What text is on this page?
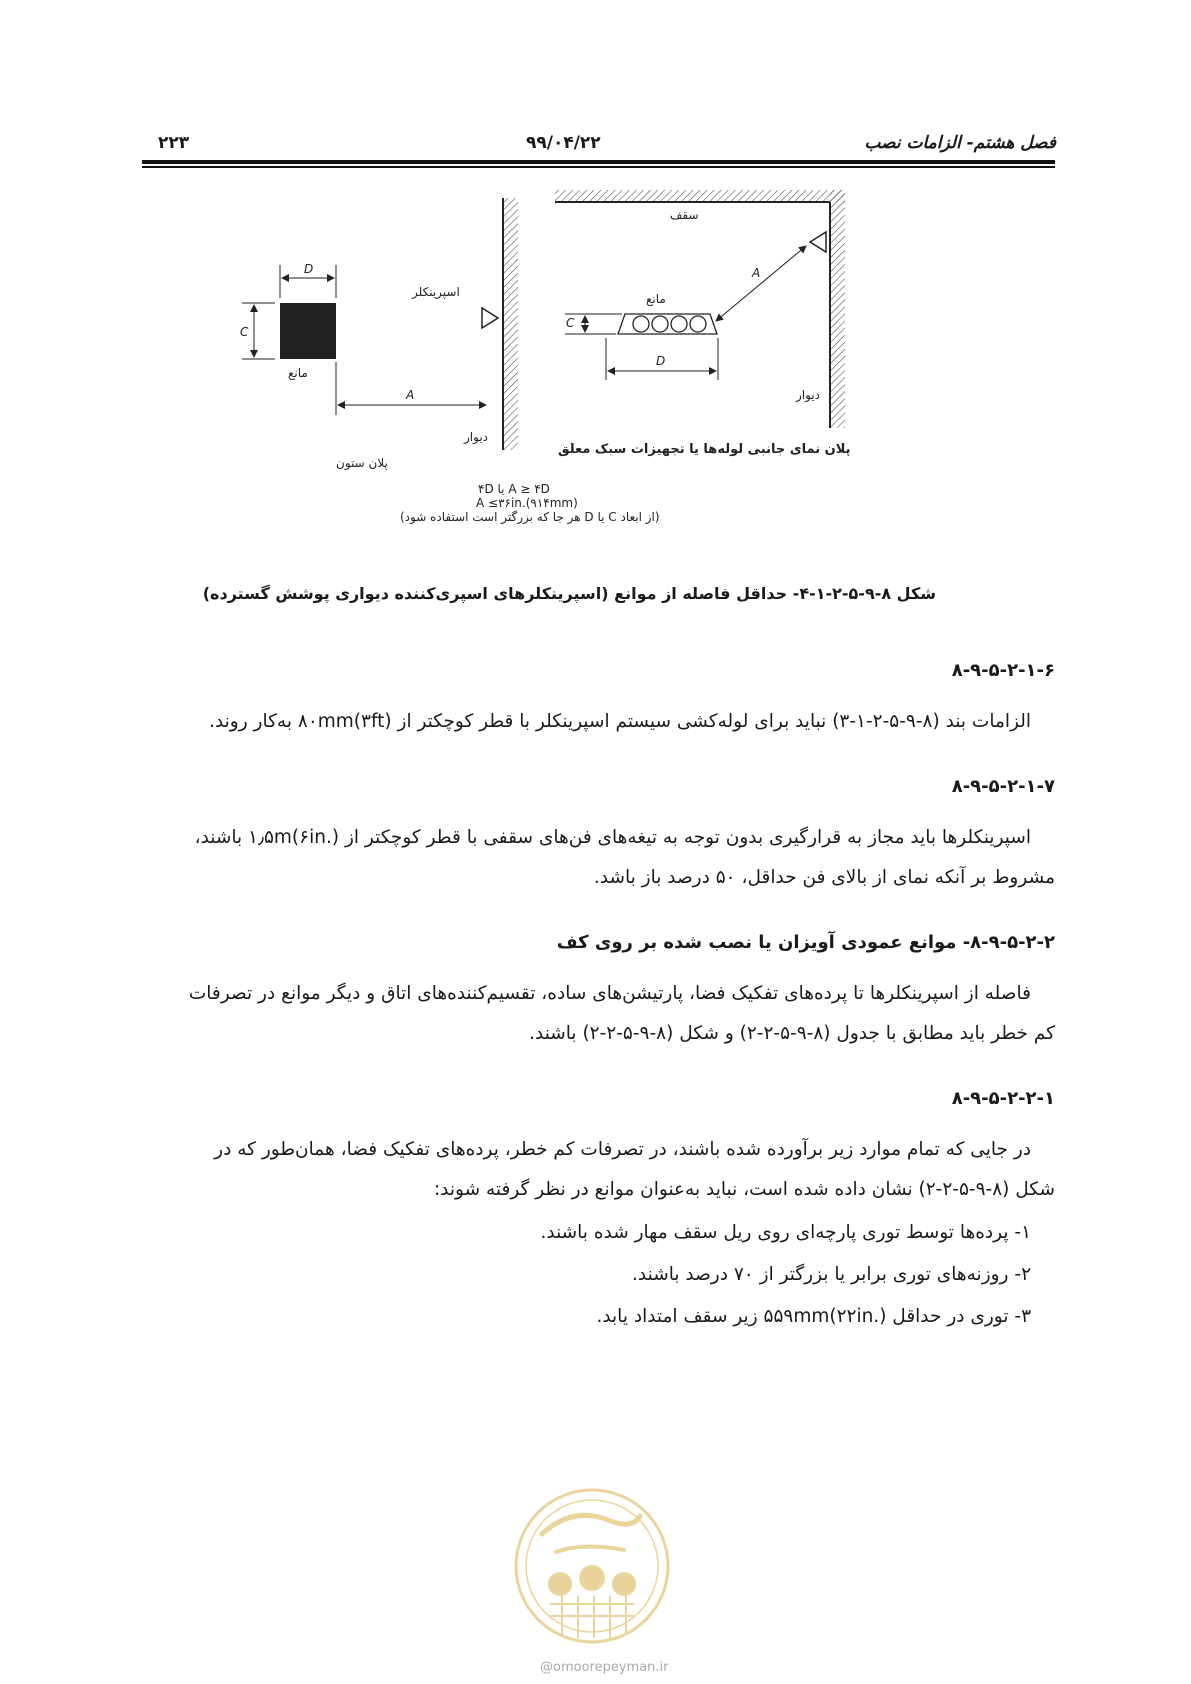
فصل هشتم- الزامات نصب
۹۹/۰۴/۲۲
۲۲۳
D
C
مانع
A
اسپرینکلر
دیوار
پلان ستون
سقف
A
مانع
C
D
دیوار
پلان نمای جانبی لوله‌ها یا تجهیزات سبک معلق
A ≥ ۴D یا ۴D
A ≤۳۶in.(۹۱۴mm)
(از ابعاد C یا D هر جا که بزرگتر است استفاده شود)
شکل ۸-۹-۵-۲-۱-۴- حداقل فاصله از موانع (اسپرینکلرهای اسپری‌کننده دیواری پوشش گسترده)
۸-۹-۵-۲-۱-۶
الزامات بند (۸-۹-۵-۲-۱-۳) نباید برای لوله‌کشی سیستم اسپرینکلر با قطر کوچکتر از ۸۰mm(۳ft) به‌کار روند.
۸-۹-۵-۲-۱-۷
اسپرینکلرها باید مجاز به قرارگیری بدون توجه به تیغه‌های فن‌های سقفی با قطر کوچکتر از ۱٫۵m(۶in.) باشند،
مشروط بر آنکه نمای از بالای فن حداقل، ۵۰ درصد باز باشد.
۸-۹-۵-۲-۲- موانع عمودی آویزان یا نصب شده بر روی کف
فاصله از اسپرینکلرها تا پرده‌های تفکیک فضا، پارتیشن‌های ساده، تقسیم‌کننده‌های اتاق و دیگر موانع در تصرفات
کم خطر باید مطابق با جدول (۸-۹-۵-۲-۲) و شکل (۸-۹-۵-۲-۲) باشند.
۸-۹-۵-۲-۲-۱
در جایی که تمام موارد زیر برآورده شده باشند، در تصرفات کم خطر، پرده‌های تفکیک فضا، همان‌طور که در
شکل (۸-۹-۵-۲-۲) نشان داده شده است، نباید به‌عنوان موانع در نظر گرفته شوند:
۱- پرده‌ها توسط توری پارچه‌ای روی ریل سقف مهار شده باشند.
۲- روزنه‌های توری برابر یا بزرگتر از ۷۰ درصد باشند.
۳- توری در حداقل ۵۵۹mm(۲۲in.) زیر سقف امتداد یابد.
@omoorepeyman.ir
